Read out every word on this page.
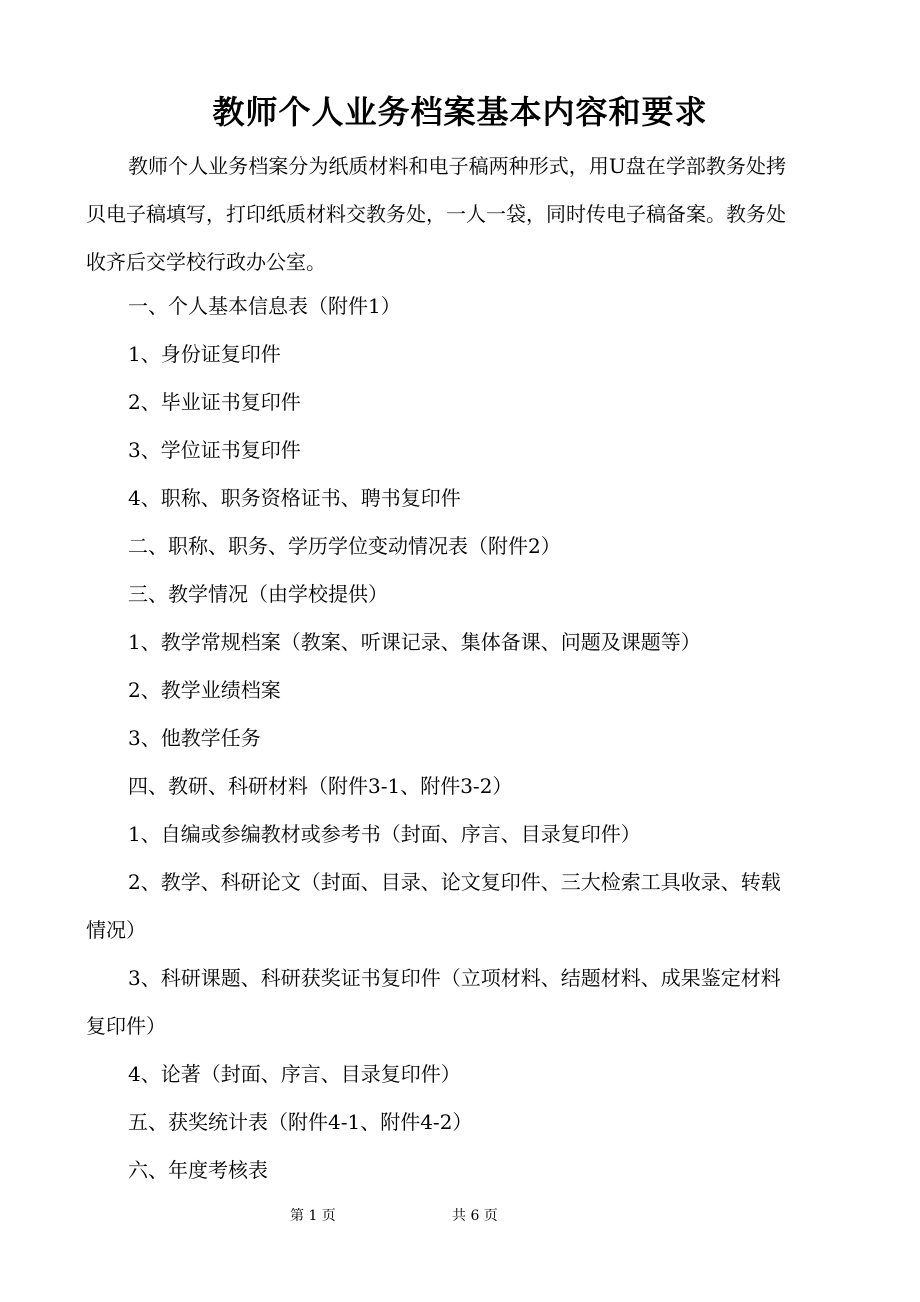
教师个人业务档案基本内容和要求

教师个人业务档案分为纸质材料和电子稿两种形式，用U盘在学部教务处拷贝电子稿填写，打印纸质材料交教务处，一人一袋，同时传电子稿备案。教务处收齐后交学校行政办公室。

一、个人基本信息表（附件1）

1、身份证复印件

2、毕业证书复印件

3、学位证书复印件

4、职称、职务资格证书、聘书复印件

二、职称、职务、学历学位变动情况表（附件2）

三、教学情况（由学校提供）

1、教学常规档案（教案、听课记录、集体备课、问题及课题等）

2、教学业绩档案

3、他教学任务

四、教研、科研材料（附件3-1、附件3-2）

1、自编或参编教材或参考书（封面、序言、目录复印件）

2、教学、科研论文（封面、目录、论文复印件、三大检索工具收录、转载情况）

3、科研课题、科研获奖证书复印件（立项材料、结题材料、成果鉴定材料复印件）

4、论著（封面、序言、目录复印件）

五、获奖统计表（附件4-1、附件4-2）

六、年度考核表

第 1 页	共 6 页
